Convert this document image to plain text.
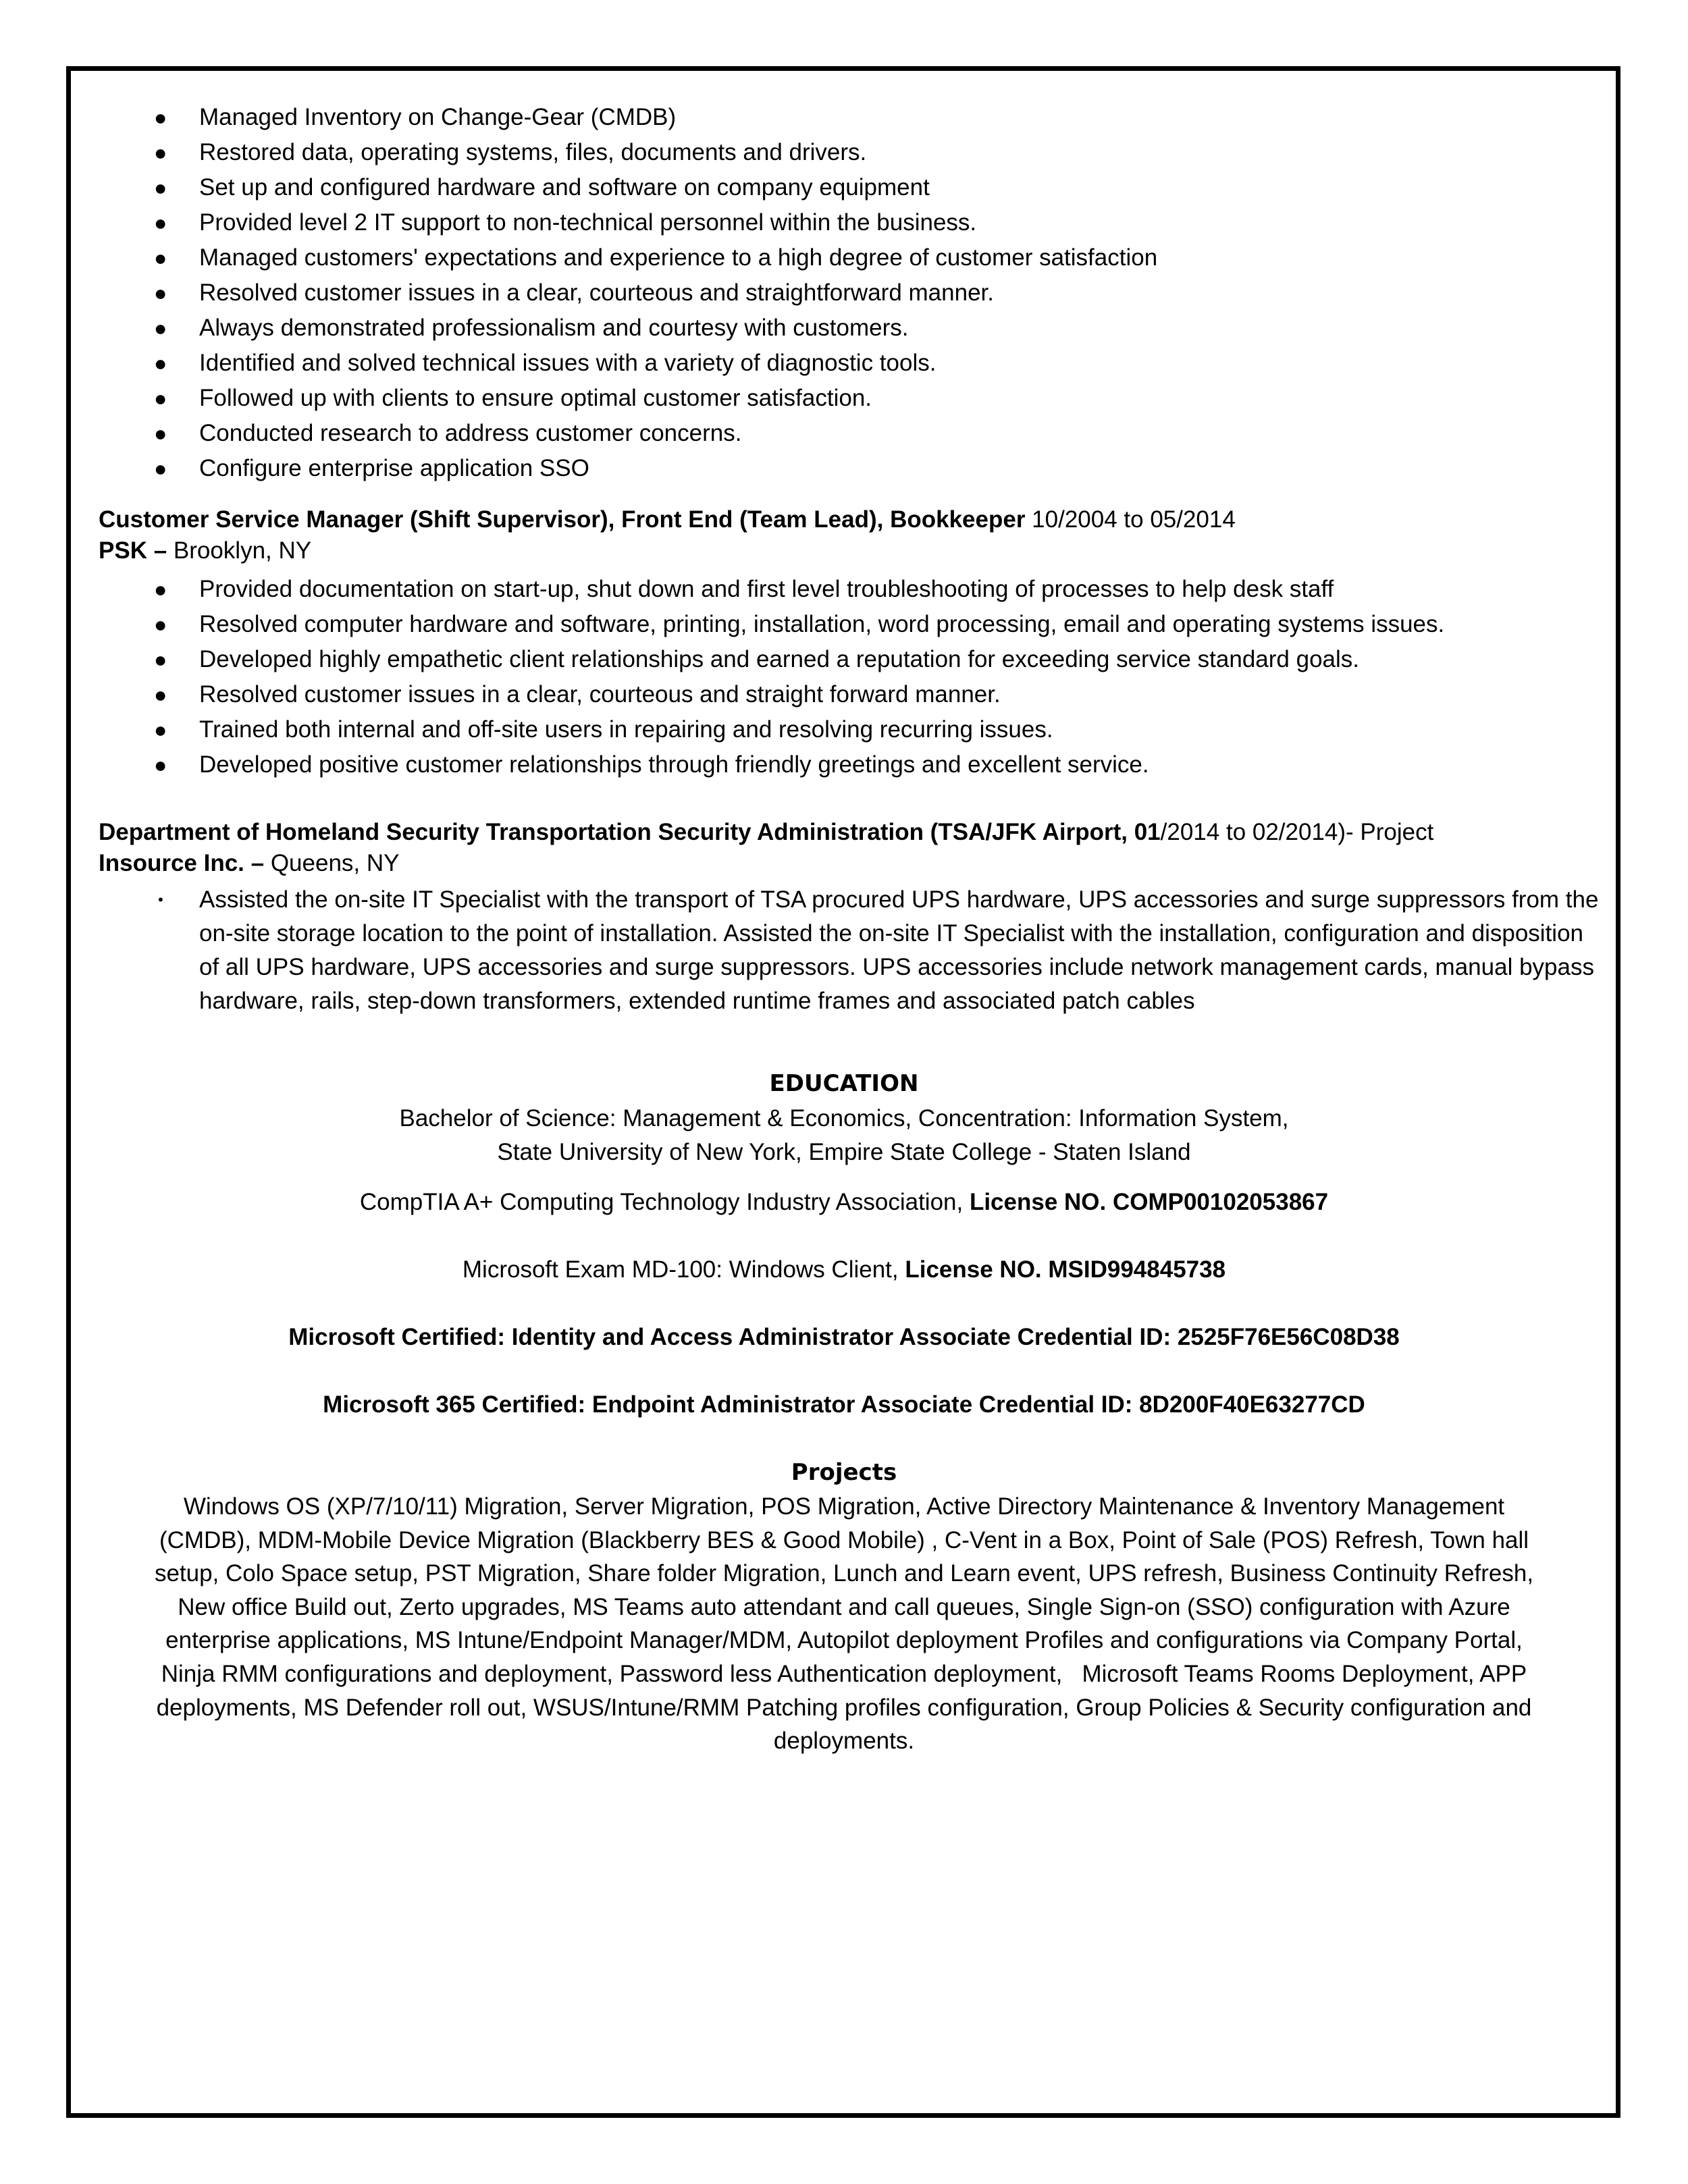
● Managed Inventory on Change-Gear (CMDB)
● Restored data, operating systems, files, documents and drivers.
● Set up and configured hardware and software on company equipment
● Provided level 2 IT support to non-technical personnel within the business.
● Managed customers' expectations and experience to a high degree of customer satisfaction
● Resolved customer issues in a clear, courteous and straightforward manner.
● Always demonstrated professionalism and courtesy with customers.
● Identified and solved technical issues with a variety of diagnostic tools.
● Followed up with clients to ensure optimal customer satisfaction.
● Conducted research to address customer concerns.
● Configure enterprise application SSO
Customer Service Manager (Shift Supervisor), Front End (Team Lead), Bookkeeper 10/2004 to 05/2014
PSK – Brooklyn, NY
● Provided documentation on start-up, shut down and first level troubleshooting of processes to help desk staff
● Resolved computer hardware and software, printing, installation, word processing, email and operating systems issues.
● Developed highly empathetic client relationships and earned a reputation for exceeding service standard goals.
● Resolved customer issues in a clear, courteous and straight forward manner.
● Trained both internal and off-site users in repairing and resolving recurring issues.
● Developed positive customer relationships through friendly greetings and excellent service.
Department of Homeland Security Transportation Security Administration (TSA/JFK Airport, 01/2014 to 02/2014)- Project
Insource Inc. – Queens, NY
• Assisted the on-site IT Specialist with the transport of TSA procured UPS hardware, UPS accessories and surge suppressors from the on-site storage location to the point of installation. Assisted the on-site IT Specialist with the installation, configuration and disposition of all UPS hardware, UPS accessories and surge suppressors. UPS accessories include network management cards, manual bypass hardware, rails, step-down transformers, extended runtime frames and associated patch cables
EDUCATION
Bachelor of Science: Management & Economics, Concentration: Information System,
State University of New York, Empire State College - Staten Island
CompTIA A+ Computing Technology Industry Association, License NO. COMP00102053867
Microsoft Exam MD-100: Windows Client, License NO. MSID994845738
Microsoft Certified: Identity and Access Administrator Associate Credential ID: 2525F76E56C08D38
Microsoft 365 Certified: Endpoint Administrator Associate Credential ID: 8D200F40E63277CD
Projects
Windows OS (XP/7/10/11) Migration, Server Migration, POS Migration, Active Directory Maintenance & Inventory Management
(CMDB), MDM-Mobile Device Migration (Blackberry BES & Good Mobile) , C-Vent in a Box, Point of Sale (POS) Refresh, Town hall
setup, Colo Space setup, PST Migration, Share folder Migration, Lunch and Learn event, UPS refresh, Business Continuity Refresh,
New office Build out, Zerto upgrades, MS Teams auto attendant and call queues, Single Sign-on (SSO) configuration with Azure
enterprise applications, MS Intune/Endpoint Manager/MDM, Autopilot deployment Profiles and configurations via Company Portal,
Ninja RMM configurations and deployment, Password less Authentication deployment,   Microsoft Teams Rooms Deployment, APP
deployments, MS Defender roll out, WSUS/Intune/RMM Patching profiles configuration, Group Policies & Security configuration and
deployments.
